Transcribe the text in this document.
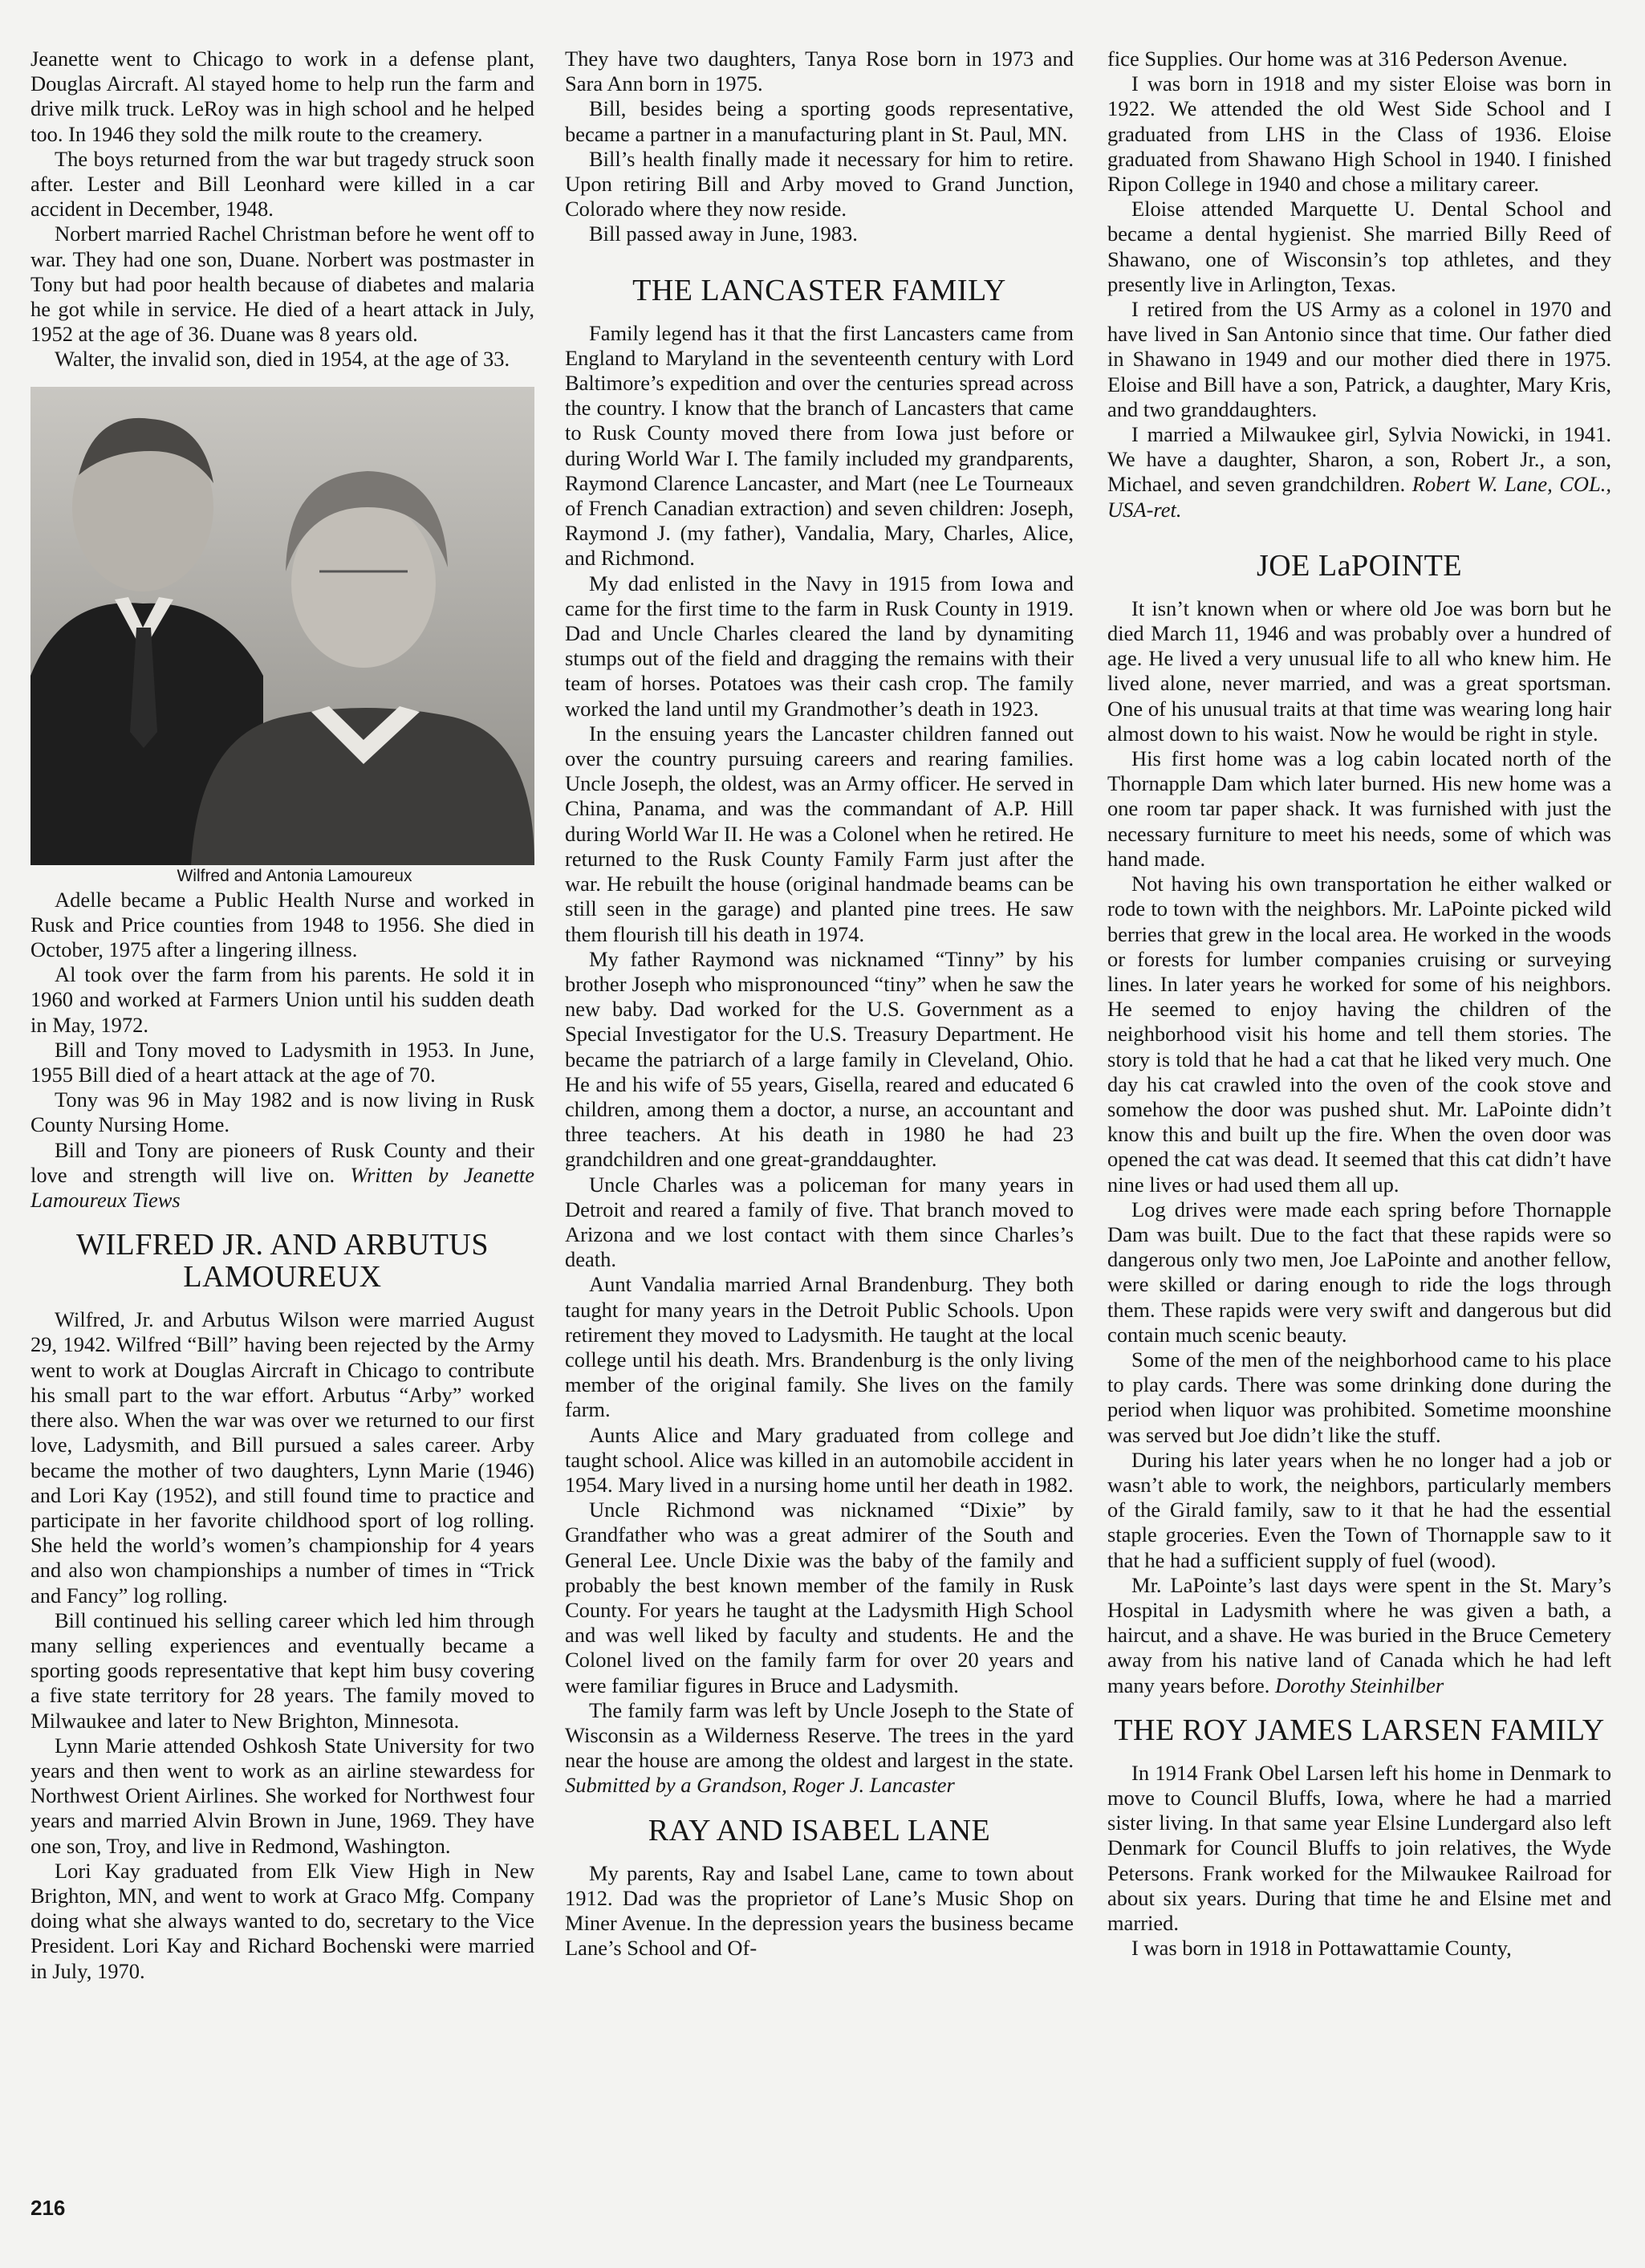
Jeanette went to Chicago to work in a defense plant, Douglas Aircraft. Al stayed home to help run the farm and drive milk truck. LeRoy was in high school and he helped too. In 1946 they sold the milk route to the creamery.

The boys returned from the war but tragedy struck soon after. Lester and Bill Leonhard were killed in a car accident in December, 1948.

Norbert married Rachel Christman before he went off to war. They had one son, Duane. Norbert was postmaster in Tony but had poor health because of diabetes and malaria he got while in service. He died of a heart attack in July, 1952 at the age of 36. Duane was 8 years old.

Walter, the invalid son, died in 1954, at the age of 33.

Wilfred and Antonia Lamoureux

Adelle became a Public Health Nurse and worked in Rusk and Price counties from 1948 to 1956. She died in October, 1975 after a lingering illness.

Al took over the farm from his parents. He sold it in 1960 and worked at Farmers Union until his sudden death in May, 1972.

Bill and Tony moved to Ladysmith in 1953. In June, 1955 Bill died of a heart attack at the age of 70.

Tony was 96 in May 1982 and is now living in Rusk County Nursing Home.

Bill and Tony are pioneers of Rusk County and their love and strength will live on. Written by Jeanette Lamoureux Tiews

WILFRED JR. AND ARBUTUS LAMOUREUX

Wilfred, Jr. and Arbutus Wilson were married August 29, 1942. Wilfred “Bill” having been rejected by the Army went to work at Douglas Aircraft in Chicago to contribute his small part to the war effort. Arbutus “Arby” worked there also. When the war was over we returned to our first love, Ladysmith, and Bill pursued a sales career. Arby became the mother of two daughters, Lynn Marie (1946) and Lori Kay (1952), and still found time to practice and participate in her favorite childhood sport of log rolling. She held the world’s women’s championship for 4 years and also won championships a number of times in “Trick and Fancy” log rolling.

Bill continued his selling career which led him through many selling experiences and eventually became a sporting goods representative that kept him busy covering a five state territory for 28 years. The family moved to Milwaukee and later to New Brighton, Minnesota.

Lynn Marie attended Oshkosh State University for two years and then went to work as an airline stewardess for Northwest Orient Airlines. She worked for Northwest four years and married Alvin Brown in June, 1969. They have one son, Troy, and live in Redmond, Washington.

Lori Kay graduated from Elk View High in New Brighton, MN, and went to work at Graco Mfg. Company doing what she always wanted to do, secretary to the Vice President. Lori Kay and Richard Bochenski were married in July, 1970.

They have two daughters, Tanya Rose born in 1973 and Sara Ann born in 1975.

Bill, besides being a sporting goods representative, became a partner in a manufacturing plant in St. Paul, MN.

Bill’s health finally made it necessary for him to retire. Upon retiring Bill and Arby moved to Grand Junction, Colorado where they now reside.

Bill passed away in June, 1983.

THE LANCASTER FAMILY

Family legend has it that the first Lancasters came from England to Maryland in the seventeenth century with Lord Baltimore’s expedition and over the centuries spread across the country. I know that the branch of Lancasters that came to Rusk County moved there from Iowa just before or during World War I. The family included my grandparents, Raymond Clarence Lancaster, and Mart (nee Le Tourneaux of French Canadian extraction) and seven children: Joseph, Raymond J. (my father), Vandalia, Mary, Charles, Alice, and Richmond.

My dad enlisted in the Navy in 1915 from Iowa and came for the first time to the farm in Rusk County in 1919. Dad and Uncle Charles cleared the land by dynamiting stumps out of the field and dragging the remains with their team of horses. Potatoes was their cash crop. The family worked the land until my Grandmother’s death in 1923.

In the ensuing years the Lancaster children fanned out over the country pursuing careers and rearing families. Uncle Joseph, the oldest, was an Army officer. He served in China, Panama, and was the commandant of A.P. Hill during World War II. He was a Colonel when he retired. He returned to the Rusk County Family Farm just after the war. He rebuilt the house (original handmade beams can be still seen in the garage) and planted pine trees. He saw them flourish till his death in 1974.

My father Raymond was nicknamed “Tinny” by his brother Joseph who mispronounced “tiny” when he saw the new baby. Dad worked for the U.S. Government as a Special Investigator for the U.S. Treasury Department. He became the patriarch of a large family in Cleveland, Ohio. He and his wife of 55 years, Gisella, reared and educated 6 children, among them a doctor, a nurse, an accountant and three teachers. At his death in 1980 he had 23 grandchildren and one great-granddaughter.

Uncle Charles was a policeman for many years in Detroit and reared a family of five. That branch moved to Arizona and we lost contact with them since Charles’s death.

Aunt Vandalia married Arnal Brandenburg. They both taught for many years in the Detroit Public Schools. Upon retirement they moved to Ladysmith. He taught at the local college until his death. Mrs. Brandenburg is the only living member of the original family. She lives on the family farm.

Aunts Alice and Mary graduated from college and taught school. Alice was killed in an automobile accident in 1954. Mary lived in a nursing home until her death in 1982.

Uncle Richmond was nicknamed “Dixie” by Grandfather who was a great admirer of the South and General Lee. Uncle Dixie was the baby of the family and probably the best known member of the family in Rusk County. For years he taught at the Ladysmith High School and was well liked by faculty and students. He and the Colonel lived on the family farm for over 20 years and were familiar figures in Bruce and Ladysmith.

The family farm was left by Uncle Joseph to the State of Wisconsin as a Wilderness Reserve. The trees in the yard near the house are among the oldest and largest in the state. Submitted by a Grandson, Roger J. Lancaster

RAY AND ISABEL LANE

My parents, Ray and Isabel Lane, came to town about 1912. Dad was the proprietor of Lane’s Music Shop on Miner Avenue. In the depression years the business became Lane’s School and Of-

fice Supplies. Our home was at 316 Pederson Avenue.

I was born in 1918 and my sister Eloise was born in 1922. We attended the old West Side School and I graduated from LHS in the Class of 1936. Eloise graduated from Shawano High School in 1940. I finished Ripon College in 1940 and chose a military career.

Eloise attended Marquette U. Dental School and became a dental hygienist. She married Billy Reed of Shawano, one of Wisconsin’s top athletes, and they presently live in Arlington, Texas.

I retired from the US Army as a colonel in 1970 and have lived in San Antonio since that time. Our father died in Shawano in 1949 and our mother died there in 1975. Eloise and Bill have a son, Patrick, a daughter, Mary Kris, and two granddaughters.

I married a Milwaukee girl, Sylvia Nowicki, in 1941. We have a daughter, Sharon, a son, Robert Jr., a son, Michael, and seven grandchildren. Robert W. Lane, COL., USA-ret.

JOE LaPOINTE

It isn’t known when or where old Joe was born but he died March 11, 1946 and was probably over a hundred of age. He lived a very unusual life to all who knew him. He lived alone, never married, and was a great sportsman. One of his unusual traits at that time was wearing long hair almost down to his waist. Now he would be right in style.

His first home was a log cabin located north of the Thornapple Dam which later burned. His new home was a one room tar paper shack. It was furnished with just the necessary furniture to meet his needs, some of which was hand made.

Not having his own transportation he either walked or rode to town with the neighbors. Mr. LaPointe picked wild berries that grew in the local area. He worked in the woods or forests for lumber companies cruising or surveying lines. In later years he worked for some of his neighbors. He seemed to enjoy having the children of the neighborhood visit his home and tell them stories. The story is told that he had a cat that he liked very much. One day his cat crawled into the oven of the cook stove and somehow the door was pushed shut. Mr. LaPointe didn’t know this and built up the fire. When the oven door was opened the cat was dead. It seemed that this cat didn’t have nine lives or had used them all up.

Log drives were made each spring before Thornapple Dam was built. Due to the fact that these rapids were so dangerous only two men, Joe LaPointe and another fellow, were skilled or daring enough to ride the logs through them. These rapids were very swift and dangerous but did contain much scenic beauty.

Some of the men of the neighborhood came to his place to play cards. There was some drinking done during the period when liquor was prohibited. Sometime moonshine was served but Joe didn’t like the stuff.

During his later years when he no longer had a job or wasn’t able to work, the neighbors, particularly members of the Girald family, saw to it that he had the essential staple groceries. Even the Town of Thornapple saw to it that he had a sufficient supply of fuel (wood).

Mr. LaPointe’s last days were spent in the St. Mary’s Hospital in Ladysmith where he was given a bath, a haircut, and a shave. He was buried in the Bruce Cemetery away from his native land of Canada which he had left many years before. Dorothy Steinhilber

THE ROY JAMES LARSEN FAMILY

In 1914 Frank Obel Larsen left his home in Denmark to move to Council Bluffs, Iowa, where he had a married sister living. In that same year Elsine Lundergard also left Denmark for Council Bluffs to join relatives, the Wyde Petersons. Frank worked for the Milwaukee Railroad for about six years. During that time he and Elsine met and married.

I was born in 1918 in Pottawattamie County,

216
